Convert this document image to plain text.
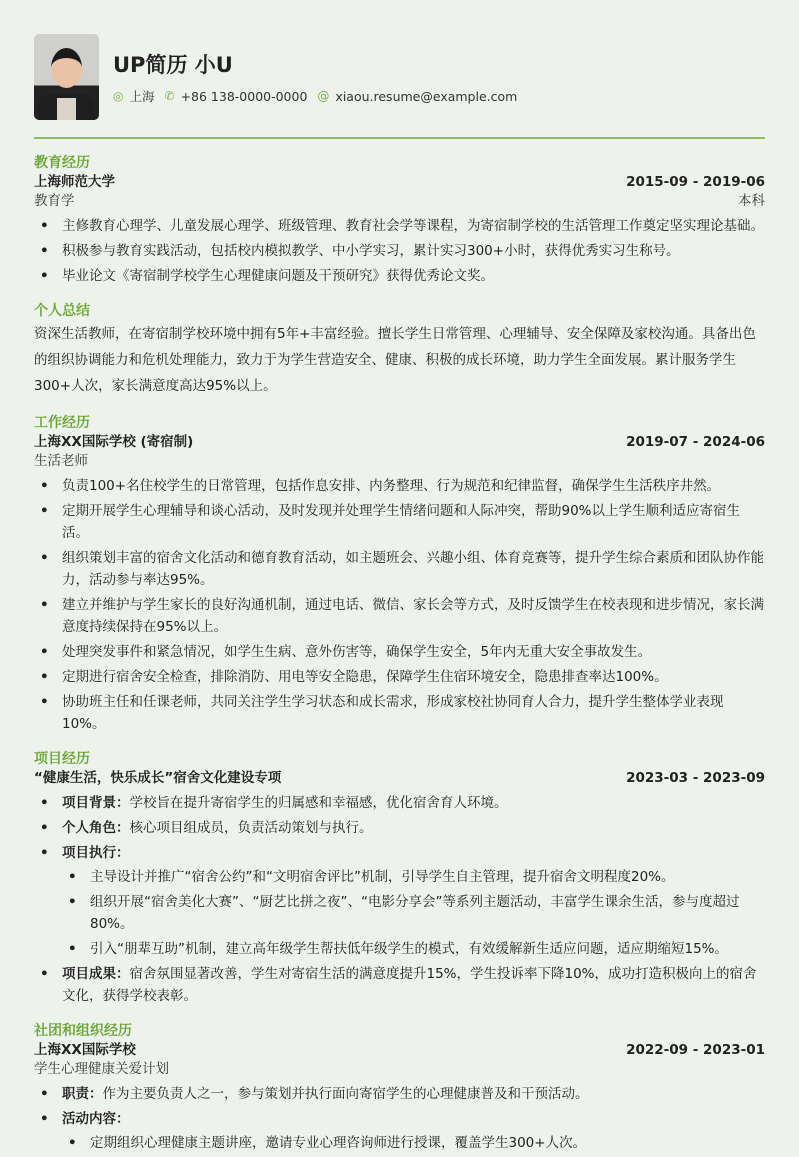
UP简历 小U
◎ 上海 ✆ +86 138-0000-0000 @ xiaou.resume@example.com
教育经历
上海师范大学	2015-09 - 2019-06
教育学	本科
• 主修教育心理学、儿童发展心理学、班级管理、教育社会学等课程，为寄宿制学校的生活管理工作奠定坚实理论基础。
• 积极参与教育实践活动，包括校内模拟教学、中小学实习，累计实习300+小时，获得优秀实习生称号。
• 毕业论文《寄宿制学校学生心理健康问题及干预研究》获得优秀论文奖。
个人总结
资深生活教师，在寄宿制学校环境中拥有5年+丰富经验。擅长学生日常管理、心理辅导、安全保障及家校沟通。具备出色的组织协调能力和危机处理能力，致力于为学生营造安全、健康、积极的成长环境，助力学生全面发展。累计服务学生300+人次，家长满意度高达95%以上。
工作经历
上海XX国际学校 (寄宿制)	2019-07 - 2024-06
生活老师
• 负责100+名住校学生的日常管理，包括作息安排、内务整理、行为规范和纪律监督，确保学生生活秩序井然。
• 定期开展学生心理辅导和谈心活动，及时发现并处理学生情绪问题和人际冲突，帮助90%以上学生顺利适应寄宿生活。
• 组织策划丰富的宿舍文化活动和德育教育活动，如主题班会、兴趣小组、体育竞赛等，提升学生综合素质和团队协作能力，活动参与率达95%。
• 建立并维护与学生家长的良好沟通机制，通过电话、微信、家长会等方式，及时反馈学生在校表现和进步情况，家长满意度持续保持在95%以上。
• 处理突发事件和紧急情况，如学生生病、意外伤害等，确保学生安全，5年内无重大安全事故发生。
• 定期进行宿舍安全检查，排除消防、用电等安全隐患，保障学生住宿环境安全，隐患排查率达100%。
• 协助班主任和任课老师，共同关注学生学习状态和成长需求，形成家校社协同育人合力，提升学生整体学业表现10%。
项目经历
“健康生活，快乐成长”宿舍文化建设专项	2023-03 - 2023-09
• 项目背景：学校旨在提升寄宿学生的归属感和幸福感，优化宿舍育人环境。
• 个人角色：核心项目组成员，负责活动策划与执行。
• 项目执行：
• 主导设计并推广“宿舍公约”和“文明宿舍评比”机制，引导学生自主管理，提升宿舍文明程度20%。
• 组织开展“宿舍美化大赛”、“厨艺比拼之夜”、“电影分享会”等系列主题活动，丰富学生课余生活，参与度超过80%。
• 引入“朋辈互助”机制，建立高年级学生帮扶低年级学生的模式，有效缓解新生适应问题，适应期缩短15%。
• 项目成果：宿舍氛围显著改善，学生对寄宿生活的满意度提升15%，学生投诉率下降10%，成功打造积极向上的宿舍文化，获得学校表彰。
社团和组织经历
上海XX国际学校	2022-09 - 2023-01
学生心理健康关爱计划
• 职责：作为主要负责人之一，参与策划并执行面向寄宿学生的心理健康普及和干预活动。
• 活动内容：
• 定期组织心理健康主题讲座，邀请专业心理咨询师进行授课，覆盖学生300+人次。
